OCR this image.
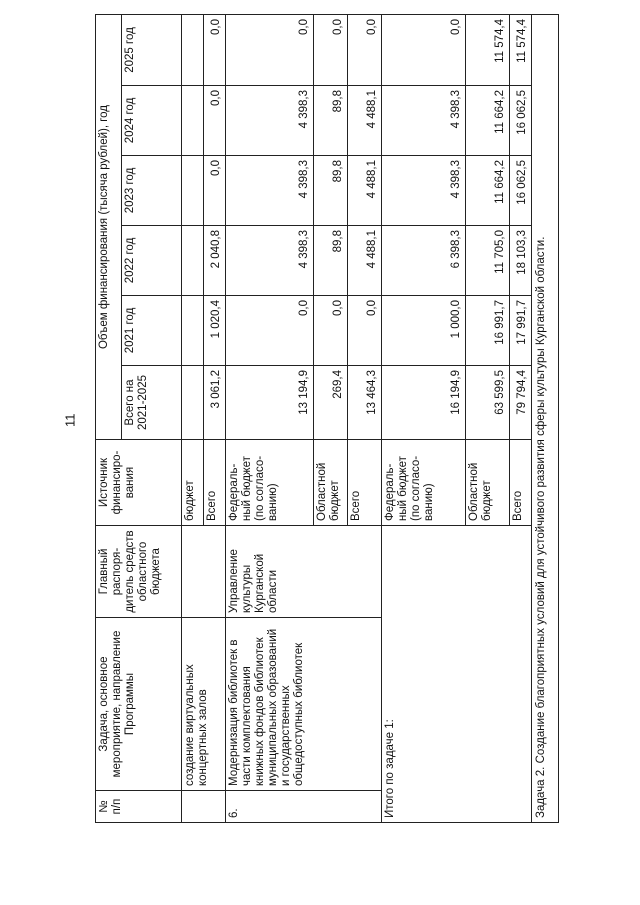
11
№ п/п	Задача, основное мероприятие, направление Программы	Главный распоря-дитель средств областного бюджета	Источник финансиро-вания	Объем финансирования (тысяча рублей), год					
				Всего на 2021-2025	2021 год	2022 год	2023 год	2024 год	2025 год
	создание виртуальных концертных залов		бюджет						
			Всего	3 061,2	1 020,4	2 040,8	0,0	0,0	0,0
6.	Модернизация библиотек в части комплектования книжных фондов библиотек муниципальных образований и государственных общедоступных библиотек	Управление культуры Курганской области	Федераль-ный бюджет (по согласо-ванию)	13 194,9	0,0	4 398,3	4 398,3	4 398,3	0,0
			Областной бюджет	269,4	0,0	89,8	89,8	89,8	0,0
			Всего	13 464,3	0,0	4 488,1	4 488,1	4 488,1	0,0
Итого по задаче 1:			Федераль-ный бюджет (по согласо-ванию)	16 194,9	1 000,0	6 398,3	4 398,3	4 398,3	0,0
			Областной бюджет	63 599,5	16 991,7	11 705,0	11 664,2	11 664,2	11 574,4
			Всего	79 794,4	17 991,7	18 103,3	16 062,5	16 062,5	11 574,4
Задача 2. Создание благоприятных условий для устойчивого развития сферы культуры Курганской области.									
